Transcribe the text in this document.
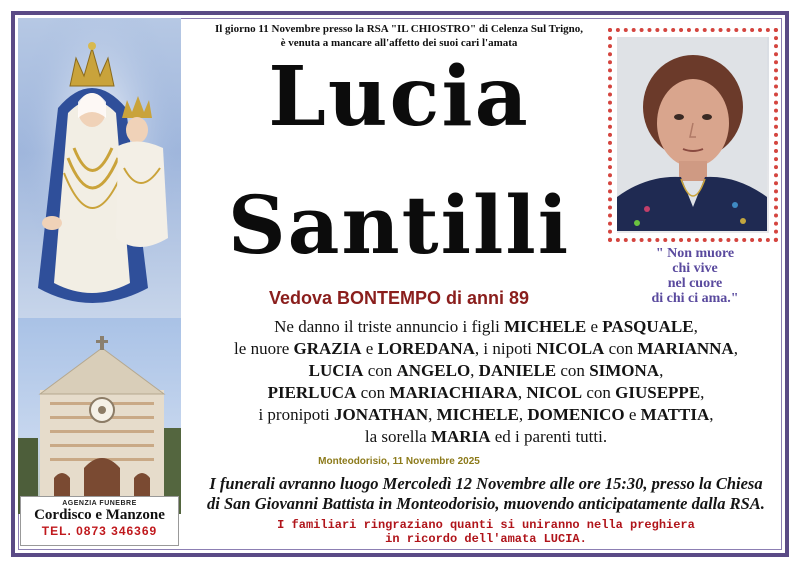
AGENZIA FUNEBRE
Cordisco e Manzone
TEL. 0873 346369
Il giorno 11 Novembre presso la RSA "IL CHIOSTRO" di Celenza Sul Trigno,
è venuta a mancare all'affetto dei suoi cari l'amata
Lucia
Santilli
Vedova BONTEMPO di anni 89
" Non muore
chi vive
nel cuore
di chi ci ama."
Ne danno il triste annuncio i figli MICHELE e PASQUALE,
le nuore GRAZIA e LOREDANA, i nipoti NICOLA con MARIANNA,
LUCIA con ANGELO, DANIELE con SIMONA,
PIERLUCA con MARIACHIARA, NICOL con GIUSEPPE,
i pronipoti JONATHAN, MICHELE, DOMENICO e MATTIA,
la sorella MARIA ed i parenti tutti.
Monteodorisio, 11 Novembre 2025
I funerali avranno luogo Mercoledì 12 Novembre alle ore 15:30, presso la Chiesa
di San Giovanni Battista in Monteodorisio, muovendo anticipatamente dalla RSA.
I familiari ringraziano quanti si uniranno nella preghiera
in ricordo dell'amata LUCIA.
